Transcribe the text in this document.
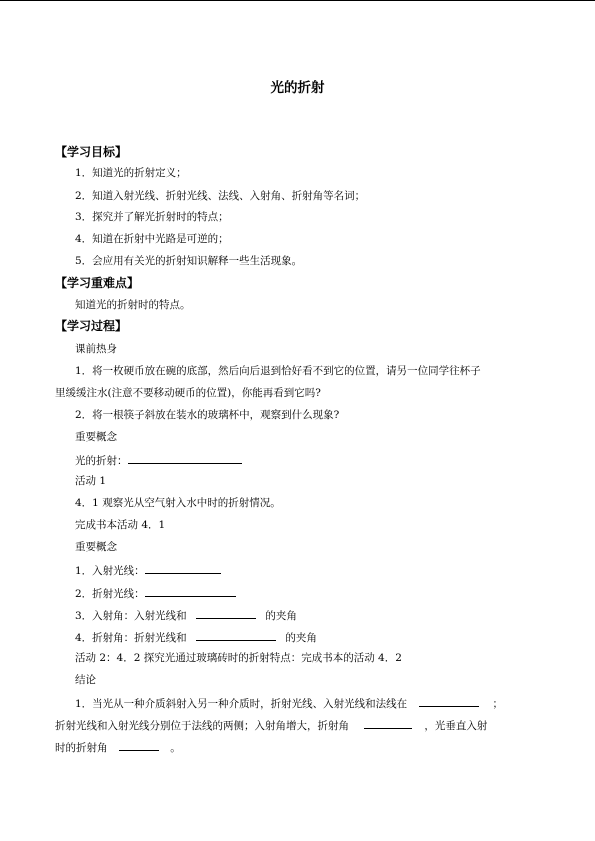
光的折射
【学习目标】
1．知道光的折射定义；
2．知道入射光线、折射光线、法线、入射角、折射角等名词；
3．探究并了解光折射时的特点；
4．知道在折射中光路是可逆的；
5．会应用有关光的折射知识解释一些生活现象。
【学习重难点】
知道光的折射时的特点。
【学习过程】
课前热身
1．将一枚硬币放在碗的底部，然后向后退到恰好看不到它的位置，请另一位同学往杯子
里缓缓注水(注意不要移动硬币的位置)，你能再看到它吗?
2．将一根筷子斜放在装水的玻璃杯中，观察到什么现象?
重要概念
光的折射：
活动 1
4．1 观察光从空气射入水中时的折射情况。
完成书本活动 4．1
重要概念
1．入射光线：
2．折射光线：
3．入射角：入射光线和	的夹角
4．折射角：折射光线和	的夹角
活动 2：4．2 探究光通过玻璃砖时的折射特点：完成书本的活动 4．2
结论
1．当光从一种介质斜射入另一种介质时，折射光线、入射光线和法线在	；
折射光线和入射光线分别位于法线的两侧；入射角增大，折射角	，光垂直入射
时的折射角	。
